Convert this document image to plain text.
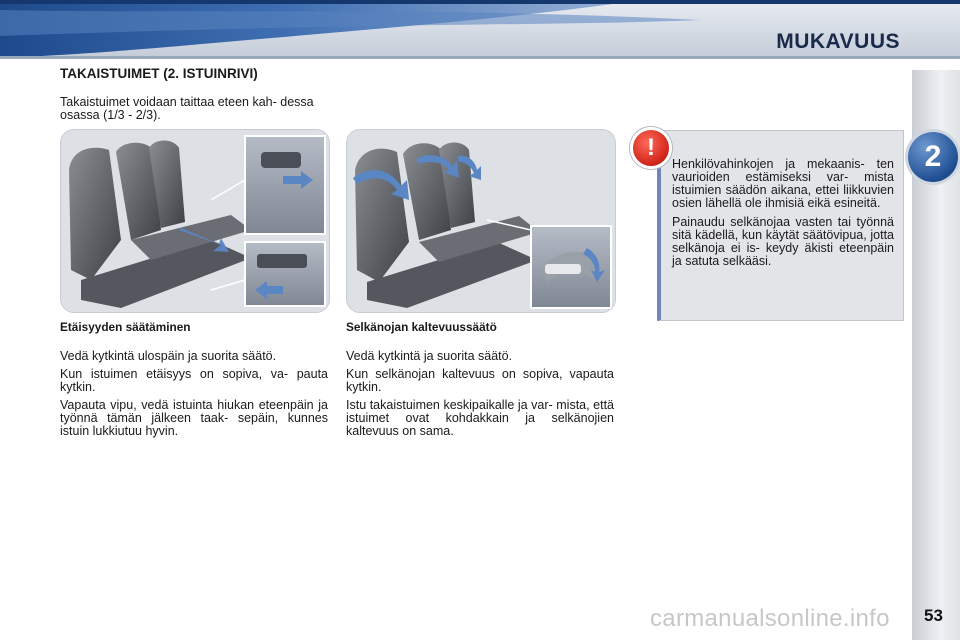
MUKAVUUS
2
TAKAISTUIMET (2. ISTUINRIVI)
Takaistuimet voidaan taittaa eteen kah- dessa osassa (1/3 - 2/3).
Etäisyyden säätäminen

Vedä kytkintä ulospäin ja suorita säätö.

Kun istuimen etäisyys on sopiva, va- pauta kytkin.

Vapauta vipu, vedä istuinta hiukan eteenpäin ja työnnä tämän jälkeen taak- sepäin, kunnes istuin lukkiutuu hyvin.

Selkänojan kaltevuussäätö

Vedä kytkintä ja suorita säätö.

Kun selkänojan kaltevuus on sopiva, vapauta kytkin.

Istu takaistuimen keskipaikalle ja var- mista, että istuimet ovat kohdakkain ja selkänojien kaltevuus on sama.

!

Henkilövahinkojen ja mekaanis- ten vaurioiden estämiseksi var- mista istuimien säädön aikana, ettei liikkuvien osien lähellä ole ihmisiä eikä esineitä.

Painaudu selkänojaa vasten tai työnnä sitä kädellä, kun käytät säätövipua, jotta selkänoja ei is- keydy äkisti eteenpäin ja satuta selkääsi.

carmanualsonline.info 53
